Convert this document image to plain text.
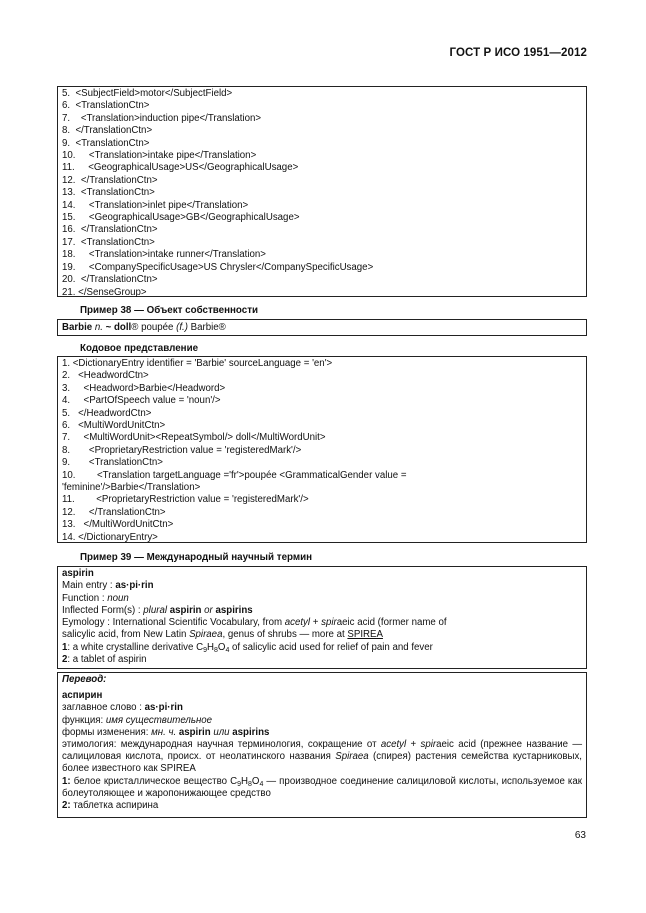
ГОСТ Р ИСО 1951—2012
5.  <SubjectField>motor</SubjectField>
6.  <TranslationCtn>
7.    <Translation>induction pipe</Translation>
8.  </TranslationCtn>
9.  <TranslationCtn>
10.     <Translation>intake pipe</Translation>
11.     <GeographicalUsage>US</GeographicalUsage>
12.  </TranslationCtn>
13.  <TranslationCtn>
14.     <Translation>inlet pipe</Translation>
15.     <GeographicalUsage>GB</GeographicalUsage>
16.  </TranslationCtn>
17.  <TranslationCtn>
18.     <Translation>intake runner</Translation>
19.     <CompanySpecificUsage>US Chrysler</CompanySpecificUsage>
20.  </TranslationCtn>
21. </SenseGroup>
Пример 38 — Объект собственности
Barbie n. ~ doll® poupée (f.) Barbie®
Кодовое представление
1. <DictionaryEntry identifier = 'Barbie' sourceLanguage = 'en'>
2.   <HeadwordCtn>
3.     <Headword>Barbie</Headword>
4.     <PartOfSpeech value = 'noun'/>
5.   </HeadwordCtn>
6.   <MultiWordUnitCtn>
7.     <MultiWordUnit><RepeatSymbol/> doll</MultiWordUnit>
8.       <ProprietaryRestriction value = 'registeredMark'/>
9.       <TranslationCtn>
10.        <Translation targetLanguage ='fr'>poupée <GrammaticalGender value =
'feminine'/>Barbie</Translation>
11.        <ProprietaryRestriction value = 'registeredMark'/>
12.     </TranslationCtn>
13.   </MultiWordUnitCtn>
14. </DictionaryEntry>
Пример 39 — Международный научный термин
aspirin
Main entry : as·pi·rin
Function : noun
Inflected Form(s) : plural aspirin or aspirins
Eymology : International Scientific Vocabulary, from acetyl + spiraeic acid (former name of
salicylic acid, from New Latin Spiraea, genus of shrubs — more at SPIREA
1: a white crystalline derivative $C_9H_8O_4$ of salicylic acid used for relief of pain and fever
2: a tablet of aspirin
Перевод:
аспирин
заглавное слово : as·pi·rin
функция: имя существительное
формы изменения: мн. ч. aspirin или aspirins
этимология: международная научная терминология, сокращение от acetyl + spiraeic acid (прежнее название — салициловая кислота, происх. от неолатинского названия Spiraea (спирея) растения семейства кустарниковых, более известного как SPIREA
1: белое кристаллическое вещество $C_9H_8O_4$ — производное соединение салициловой кислоты, используемое как болеутоляющее и жаропонижающее средство
2: таблетка аспирина
63
